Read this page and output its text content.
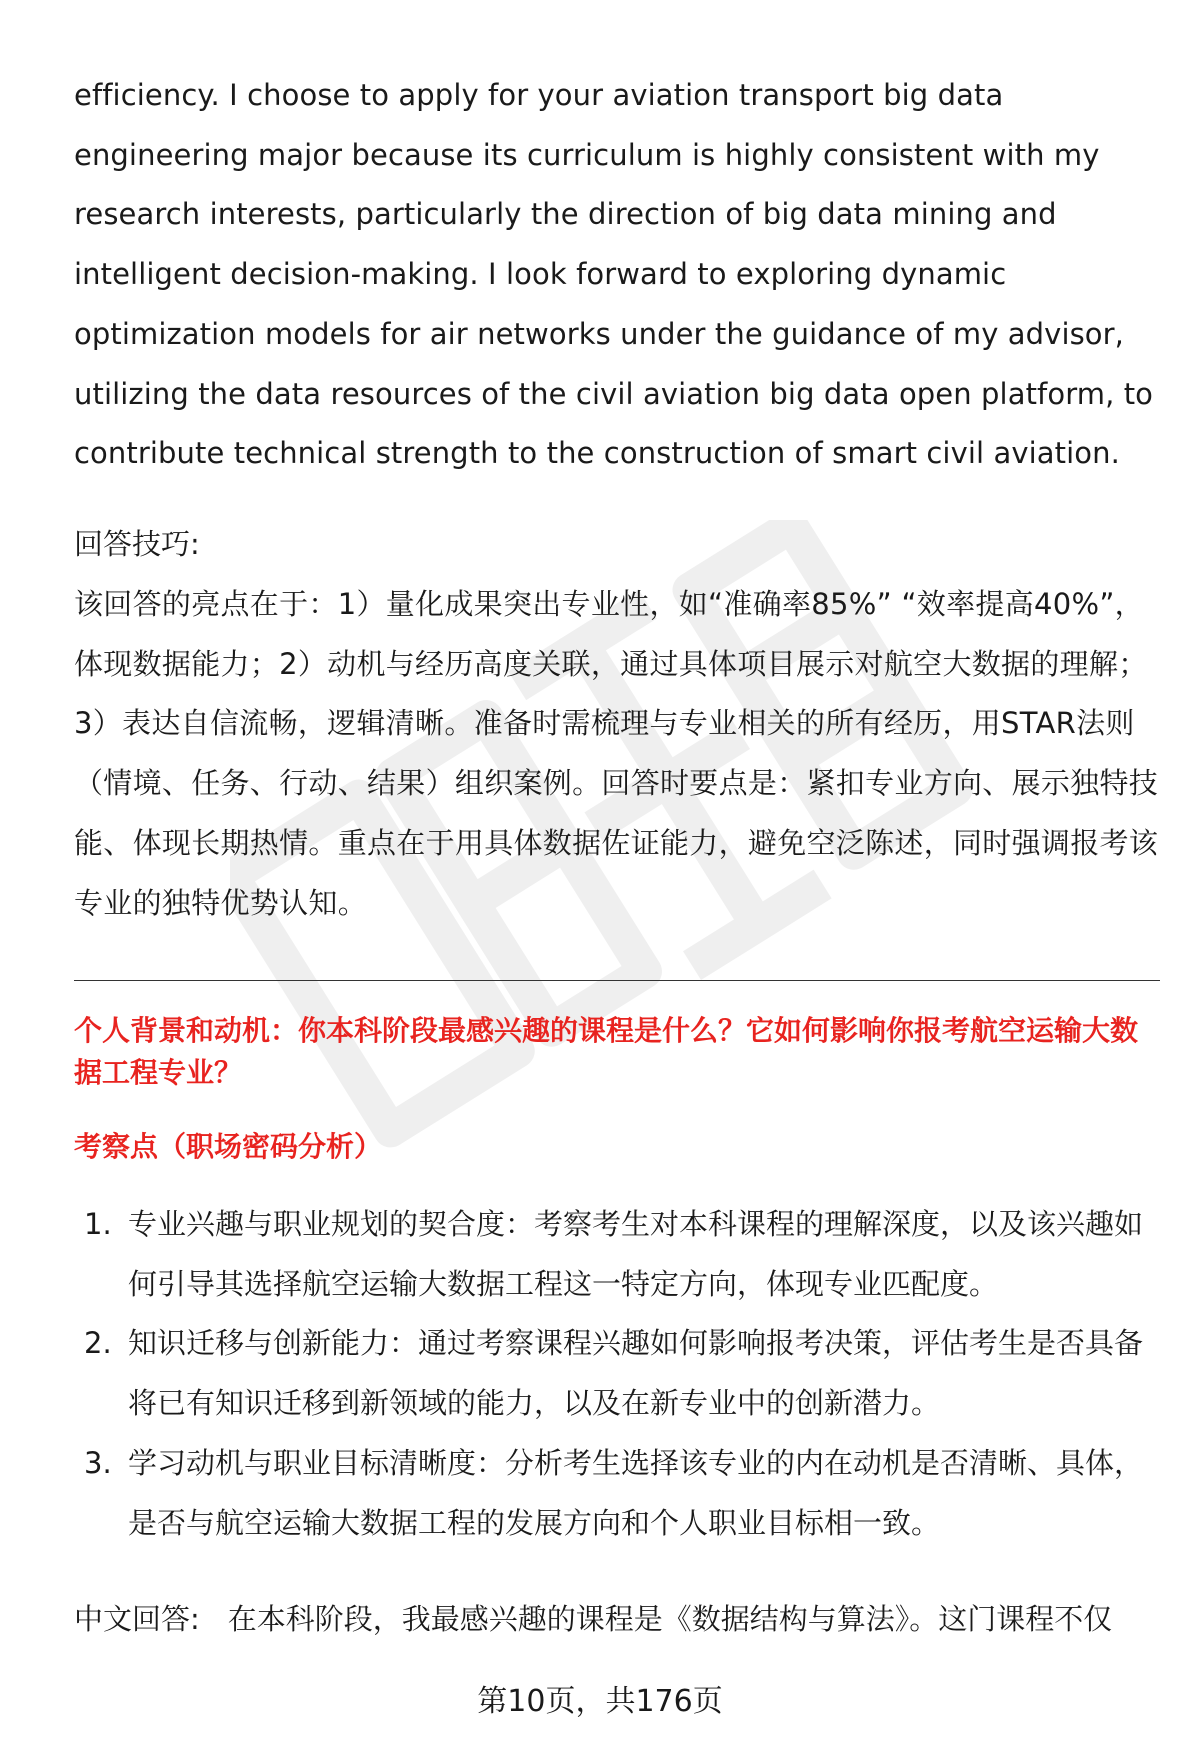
efficiency. I choose to apply for your aviation transport big data engineering major because its curriculum is highly consistent with my research interests, particularly the direction of big data mining and intelligent decision-making. I look forward to exploring dynamic optimization models for air networks under the guidance of my advisor, utilizing the data resources of the civil aviation big data open platform, to contribute technical strength to the construction of smart civil aviation.

回答技巧:

该回答的亮点在于：1）量化成果突出专业性，如“准确率85%” “效率提高40%”，体现数据能力；2）动机与经历高度关联，通过具体项目展示对航空大数据的理解；3）表达自信流畅，逻辑清晰。准备时需梳理与专业相关的所有经历，用STAR法则（情境、任务、行动、结果）组织案例。回答时要点是：紧扣专业方向、展示独特技能、体现长期热情。重点在于用具体数据佐证能力，避免空泛陈述，同时强调报考该专业的独特优势认知。

个人背景和动机：你本科阶段最感兴趣的课程是什么？它如何影响你报考航空运输大数据工程专业？

考察点（职场密码分析）

1. 专业兴趣与职业规划的契合度：考察考生对本科课程的理解深度，以及该兴趣如何引导其选择航空运输大数据工程这一特定方向，体现专业匹配度。
2. 知识迁移与创新能力：通过考察课程兴趣如何影响报考决策，评估考生是否具备将已有知识迁移到新领域的能力，以及在新专业中的创新潜力。
3. 学习动机与职业目标清晰度：分析考生选择该专业的内在动机是否清晰、具体，是否与航空运输大数据工程的发展方向和个人职业目标相一致。

中文回答: 在本科阶段，我最感兴趣的课程是《数据结构与算法》。这门课程不仅

第10页，共176页
